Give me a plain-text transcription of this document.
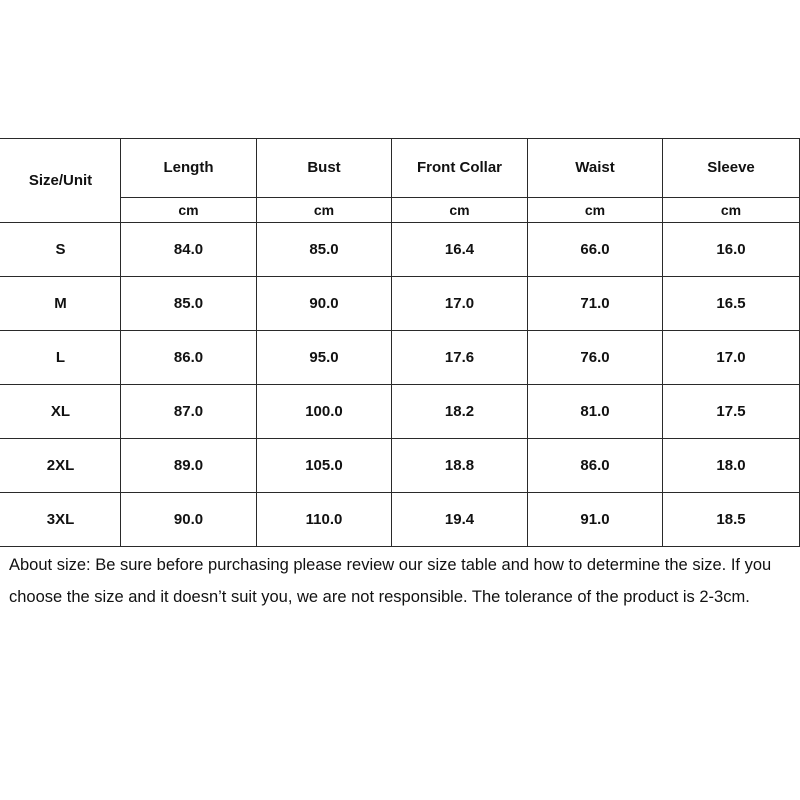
Size/Unit	Length	Bust	Front Collar	Waist	Sleeve
	cm	cm	cm	cm	cm
S	84.0	85.0	16.4	66.0	16.0
M	85.0	90.0	17.0	71.0	16.5
L	86.0	95.0	17.6	76.0	17.0
XL	87.0	100.0	18.2	81.0	17.5
2XL	89.0	105.0	18.8	86.0	18.0
3XL	90.0	110.0	19.4	91.0	18.5

About size: Be sure before purchasing please review our size table and how to determine the size. If you choose the size and it doesn’t suit you, we are not responsible. The tolerance of the product is 2-3cm.
